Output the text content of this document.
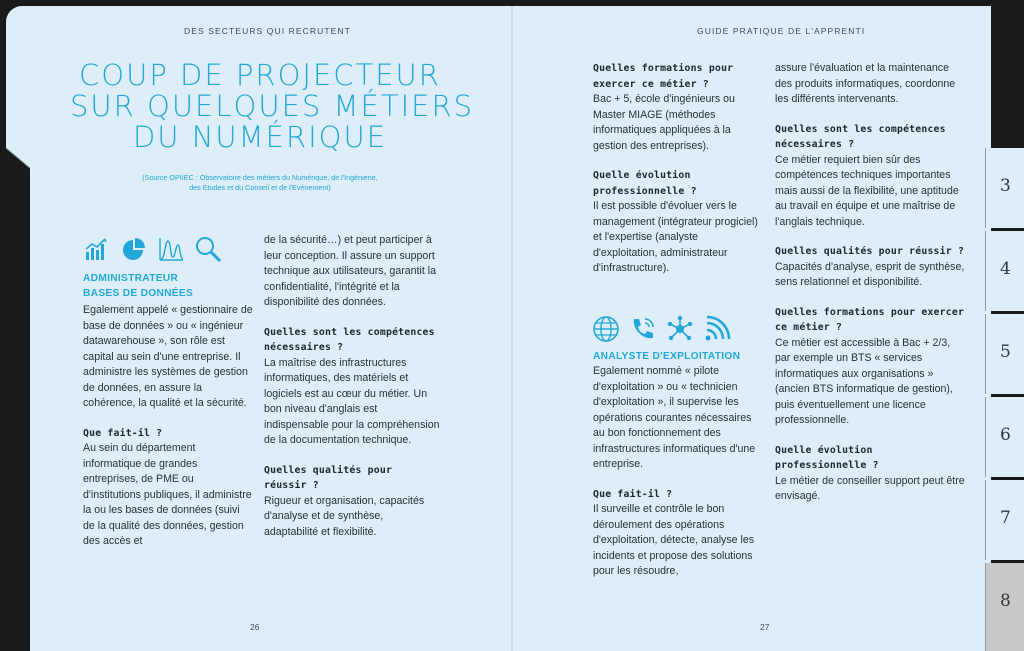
DES SECTEURS QUI RECRUTENT	GUIDE PRATIQUE DE L'APPRENTI
COUP DE PROJECTEUR
SUR QUELQUES MÉTIERS
DU NUMÉRIQUE
(Source OPIIEC : Observatoire des métiers du Numérique, de l'Ingénierie,
des Etudes et du Conseil et de l'Evénement)
ADMINISTRATEUR
BASES DE DONNÉES

Egalement appelé « gestionnaire de base de données » ou « ingénieur datawarehouse », son rôle est capital au sein d'une entreprise. Il administre les systèmes de gestion de données, en assure la cohérence, la qualité et la sécurité.

Que fait-il ?

Au sein du département informatique de grandes entreprises, de PME ou d'institutions publiques, il administre la ou les bases de données (suivi de la qualité des données, gestion des accès et

de la sécurité…) et peut participer à leur conception. Il assure un support technique aux utilisateurs, garantit la confidentialité, l'intégrité et la disponibilité des données.

Quelles sont les compétences nécessaires ?

La maîtrise des infrastructures informatiques, des matériels et logiciels est au cœur du métier. Un bon niveau d'anglais est indispensable pour la compréhension de la documentation technique.

Quelles qualités pour réussir ?

Rigueur et organisation, capacités d'analyse et de synthèse, adaptabilité et flexibilité.

Quelles formations pour exercer ce métier ?

Bac + 5, école d'ingénieurs ou Master MIAGE (méthodes informatiques appliquées à la gestion des entreprises).

Quelle évolution professionnelle ?

Il est possible d'évoluer vers le management (intégrateur progiciel) et l'expertise (analyste d'exploitation, administrateur d'infrastructure).

ANALYSTE D'EXPLOITATION

Egalement nommé « pilote d'exploitation » ou « technicien d'exploitation », il supervise les opérations courantes nécessaires au bon fonctionnement des infrastructures informatiques d'une entreprise.

Que fait-il ?

Il surveille et contrôle le bon déroulement des opérations d'exploitation, détecte, analyse les incidents et propose des solutions pour les résoudre,

assure l'évaluation et la maintenance des produits informatiques, coordonne les différents intervenants.

Quelles sont les compétences nécessaires ?

Ce métier requiert bien sûr des compétences techniques importantes mais aussi de la flexibilité, une aptitude au travail en équipe et une maîtrise de l'anglais technique.

Quelles qualités pour réussir ?

Capacités d'analyse, esprit de synthèse, sens relationnel et disponibilité.

Quelles formations pour exercer ce métier ?

Ce métier est accessible à Bac + 2/3, par exemple un BTS « services informatiques aux organisations » (ancien BTS informatique de gestion), puis éventuellement une licence professionnelle.

Quelle évolution professionnelle ?

Le métier de conseiller support peut être envisagé.

26	27
3
4
5
6
7
8
